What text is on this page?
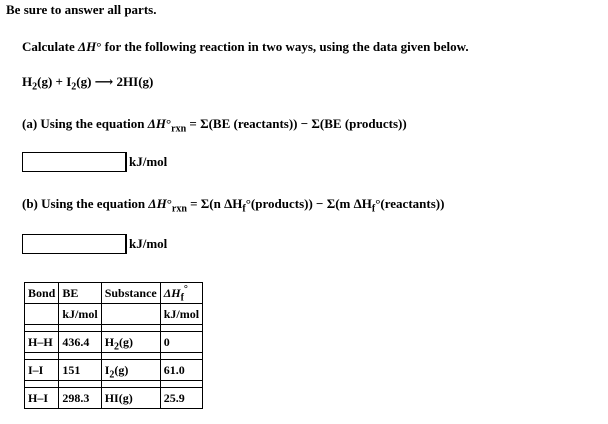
Be sure to answer all parts.
Calculate ΔH° for the following reaction in two ways, using the data given below.
$H_2(g) + I_2(g)$ ⟶ 2HI(g)
(a) Using the equation $\Delta H^\circ_{rxn} = \Sigma(BE$ (reactants)) − Σ(BE (products))
kJ/mol
(b) Using the equation $\Delta H^\circ_{rxn} = \Sigma(n$ $\Delta H_f^\circ(products)) - \Sigma(m$ $\Delta H_f^\circ(reactants)$)
kJ/mol
Bond	BE	Substance	$\Delta H_f^\circ$
	kJ/mol		kJ/mol

H–H	436.4	$H_2(g)$	0

I–I	151	$I_2(g)$	61.0

H–I	298.3	HI(g)	25.9
